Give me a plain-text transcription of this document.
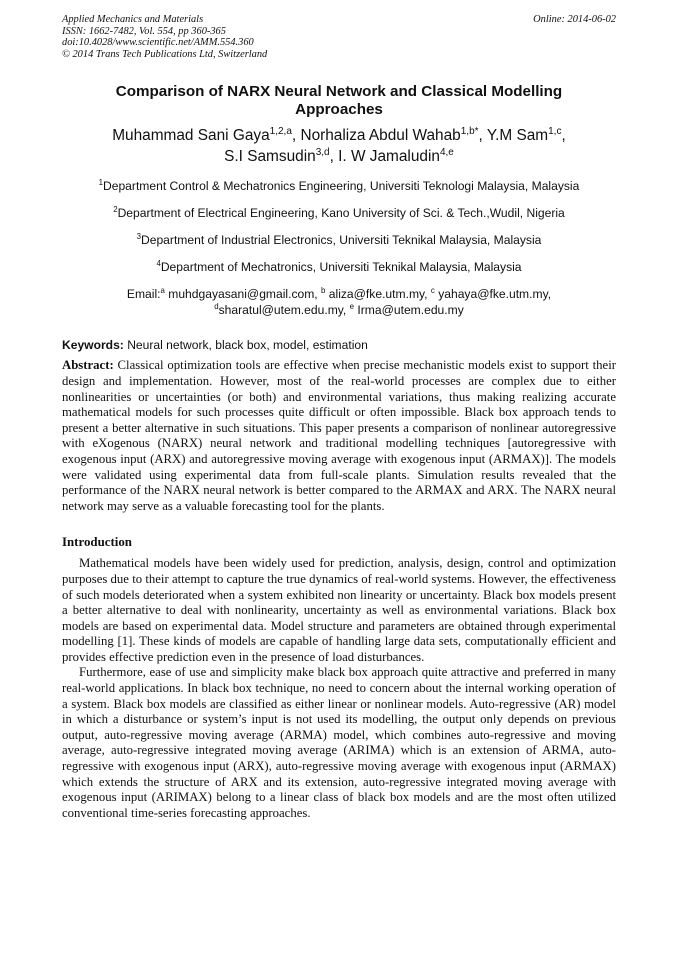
Applied Mechanics and Materials
ISSN: 1662-7482, Vol. 554, pp 360-365
doi:10.4028/www.scientific.net/AMM.554.360
© 2014 Trans Tech Publications Ltd, Switzerland
Online: 2014-06-02
Comparison of NARX Neural Network and Classical Modelling Approaches
Muhammad Sani Gaya$^{1,2,a}$, Norhaliza Abdul Wahab$^{1,b*}$, Y.M Sam$^{1,c}$,
S.I Samsudin$^{3,d}$, I. W Jamaludin$^{4,e}$
$^1$Department Control & Mechatronics Engineering, Universiti Teknologi Malaysia, Malaysia
$^2$Department of Electrical Engineering, Kano University of Sci. & Tech.,Wudil, Nigeria
$^3$Department of Industrial Electronics, Universiti Teknikal Malaysia, Malaysia
$^4$Department of Mechatronics, Universiti Teknikal Malaysia, Malaysia
Email:$^a$ muhdgayasani@gmail.com, $^b$ aliza@fke.utm.my, $^c$ yahaya@fke.utm.my,
$^d$sharatul@utem.edu.my, $^e$ Irma@utem.edu.my
Keywords: Neural network, black box, model, estimation

Abstract: Classical optimization tools are effective when precise mechanistic models exist to support their design and implementation. However, most of the real-world processes are complex due to either nonlinearities or uncertainties (or both) and environmental variations, thus making realizing accurate mathematical models for such processes quite difficult or often impossible. Black box approach tends to present a better alternative in such situations. This paper presents a comparison of nonlinear autoregressive with eXogenous (NARX) neural network and traditional modelling techniques [autoregressive with exogenous input (ARX) and autoregressive moving average with exogenous input (ARMAX)]. The models were validated using experimental data from full-scale plants. Simulation results revealed that the performance of the NARX neural network is better compared to the ARMAX and ARX. The NARX neural network may serve as a valuable forecasting tool for the plants.

Introduction

Mathematical models have been widely used for prediction, analysis, design, control and optimization purposes due to their attempt to capture the true dynamics of real-world systems. However, the effectiveness of such models deteriorated when a system exhibited non linearity or uncertainty. Black box models present a better alternative to deal with nonlinearity, uncertainty as well as environmental variations. Black box models are based on experimental data. Model structure and parameters are obtained through experimental modelling [1]. These kinds of models are capable of handling large data sets, computationally efficient and provides effective prediction even in the presence of load disturbances.

Furthermore, ease of use and simplicity make black box approach quite attractive and preferred in many real-world applications. In black box technique, no need to concern about the internal working operation of a system. Black box models are classified as either linear or nonlinear models. Auto-regressive (AR) model in which a disturbance or system’s input is not used its modelling, the output only depends on previous output, auto-regressive moving average (ARMA) model, which combines auto-regressive and moving average, auto-regressive integrated moving average (ARIMA) which is an extension of ARMA, auto-regressive with exogenous input (ARX), auto-regressive moving average with exogenous input (ARMAX) which extends the structure of ARX and its extension, auto-regressive integrated moving average with exogenous input (ARIMAX) belong to a linear class of black box models and are the most often utilized conventional time-series forecasting approaches.
